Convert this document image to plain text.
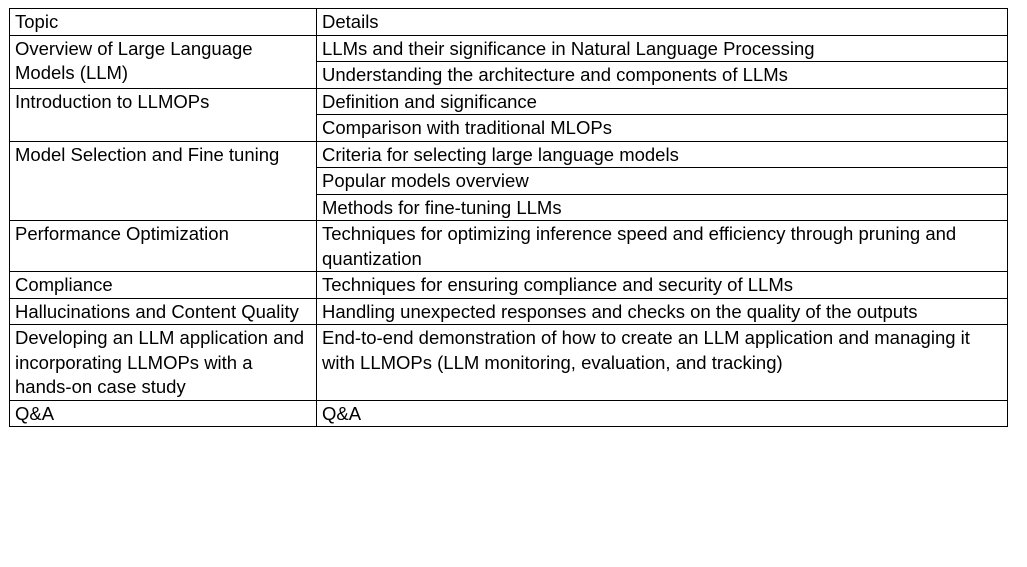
Topic	Details
Overview of Large Language Models (LLM)	LLMs and their significance in Natural Language Processing
	Understanding the architecture and components of LLMs
Introduction to LLMOPs	Definition and significance
	Comparison with traditional MLOPs
Model Selection and Fine tuning	Criteria for selecting large language models
	Popular models overview
	Methods for fine-tuning LLMs
Performance Optimization	Techniques for optimizing inference speed and efficiency through pruning and quantization
Compliance	Techniques for ensuring compliance and security of LLMs
Hallucinations and Content Quality	Handling unexpected responses and checks on the quality of the outputs
Developing an LLM application and incorporating LLMOPs with a hands-on case study	End-to-end demonstration of how to create an LLM application and managing it with LLMOPs (LLM monitoring, evaluation, and tracking)
Q&A	Q&A
